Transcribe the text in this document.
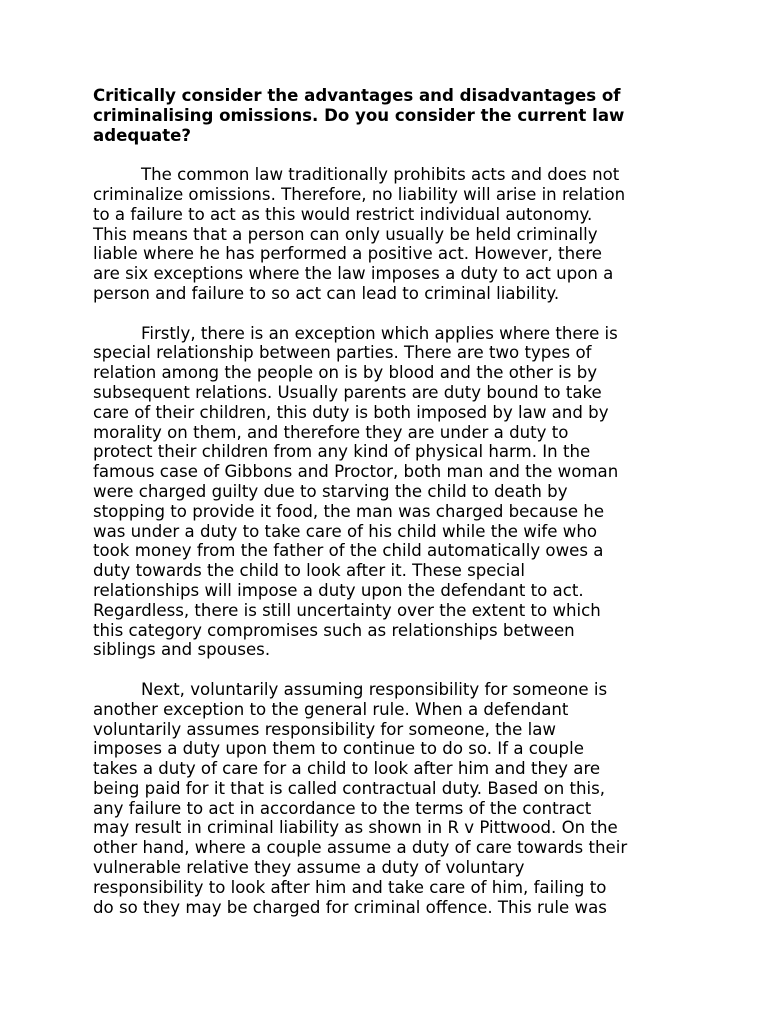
Critically consider the advantages and disadvantages of
criminalising omissions. Do you consider the current law
adequate?

The common law traditionally prohibits acts and does not
criminalize omissions. Therefore, no liability will arise in relation
to a failure to act as this would restrict individual autonomy.
This means that a person can only usually be held criminally
liable where he has performed a positive act. However, there
are six exceptions where the law imposes a duty to act upon a
person and failure to so act can lead to criminal liability.

Firstly, there is an exception which applies where there is
special relationship between parties. There are two types of
relation among the people on is by blood and the other is by
subsequent relations. Usually parents are duty bound to take
care of their children, this duty is both imposed by law and by
morality on them, and therefore they are under a duty to
protect their children from any kind of physical harm. In the
famous case of Gibbons and Proctor, both man and the woman
were charged guilty due to starving the child to death by
stopping to provide it food, the man was charged because he
was under a duty to take care of his child while the wife who
took money from the father of the child automatically owes a
duty towards the child to look after it. These special
relationships will impose a duty upon the defendant to act.
Regardless, there is still uncertainty over the extent to which
this category compromises such as relationships between
siblings and spouses.

Next, voluntarily assuming responsibility for someone is
another exception to the general rule. When a defendant
voluntarily assumes responsibility for someone, the law
imposes a duty upon them to continue to do so. If a couple
takes a duty of care for a child to look after him and they are
being paid for it that is called contractual duty. Based on this,
any failure to act in accordance to the terms of the contract
may result in criminal liability as shown in R v Pittwood. On the
other hand, where a couple assume a duty of care towards their
vulnerable relative they assume a duty of voluntary
responsibility to look after him and take care of him, failing to
do so they may be charged for criminal offence. This rule was
